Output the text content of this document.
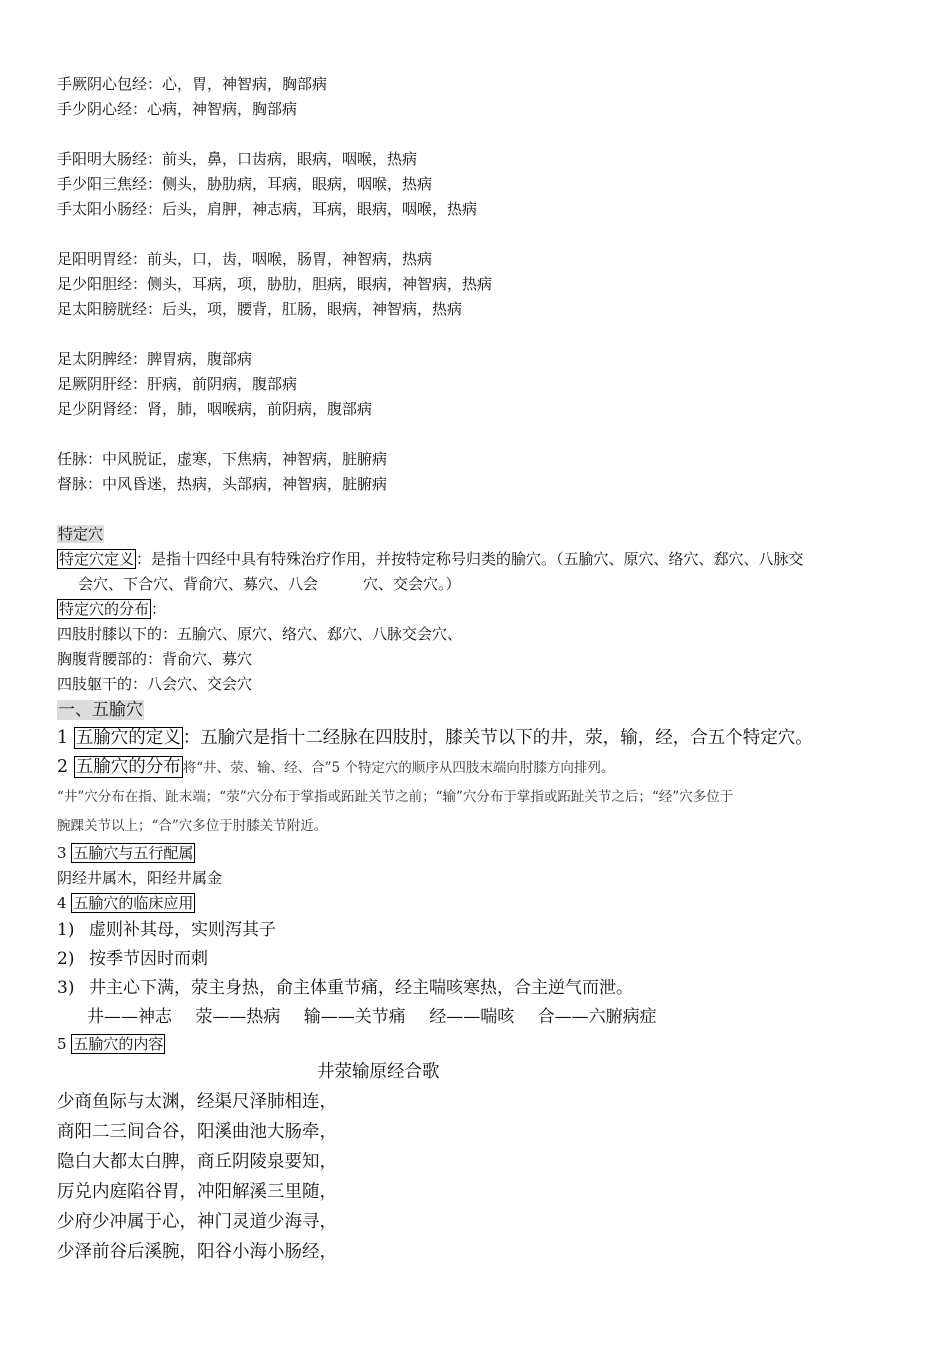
手厥阴心包经：心，胃，神智病，胸部病
手少阴心经：心病，神智病，胸部病
手阳明大肠经：前头，鼻，口齿病，眼病，咽喉，热病
手少阳三焦经：侧头，胁肋病，耳病，眼病，咽喉，热病
手太阳小肠经：后头，肩胛，神志病，耳病，眼病，咽喉，热病
足阳明胃经：前头，口，齿，咽喉，肠胃，神智病，热病
足少阳胆经：侧头，耳病，项，胁肋，胆病，眼病，神智病，热病
足太阳膀胱经：后头，项，腰背，肛肠，眼病，神智病，热病
足太阴脾经：脾胃病，腹部病
足厥阴肝经：肝病，前阴病，腹部病
足少阴肾经：肾，肺，咽喉病，前阴病，腹部病
任脉：中风脱证，虚寒，下焦病，神智病，脏腑病
督脉：中风昏迷，热病，头部病，神智病，脏腑病
特定穴
特定穴定义 ：是指十四经中具有特殊治疗作用，并按特定称号归类的腧穴。（五腧穴、原穴、络穴、郄穴、八脉交
会穴、下合穴、背俞穴、募穴、八会　　　穴、交会穴。）
特定穴的分布 ：
四肢肘膝以下的：五腧穴、原穴、络穴、郄穴、八脉交会穴、
胸腹背腰部的：背俞穴、募穴
四肢躯干的：八会穴、交会穴
一、五腧穴
1 五腧穴的定义 ：五腧穴是指十二经脉在四肢肘，膝关节以下的井，荥，输，经，合五个特定穴。
2 五腧穴的分布 将“井、荥、输、经、合”5 个特定穴的顺序从四肢末端向肘膝方向排列。
“井”穴分布在指、趾末端；“荥”穴分布于掌指或跖趾关节之前；“输”穴分布于掌指或跖趾关节之后；“经”穴多位于
腕踝关节以上；“合”穴多位于肘膝关节附近。
3 五腧穴与五行配属
阴经井属木，阳经井属金
4 五腧穴的临床应用
1) 虚则补其母，实则泻其子
2) 按季节因时而刺
3) 井主心下满，荥主身热，俞主体重节痛，经主喘咳寒热，合主逆气而泄。
井——神志 荥——热病 输——关节痛 经——喘咳 合——六腑病症
5 五腧穴的内容
井荥输原经合歌
少商鱼际与太渊，经渠尺泽肺相连，
商阳二三间合谷，阳溪曲池大肠牵，
隐白大都太白脾，商丘阴陵泉要知，
厉兑内庭陷谷胃，冲阳解溪三里随，
少府少冲属于心，神门灵道少海寻，
少泽前谷后溪腕，阳谷小海小肠经，
